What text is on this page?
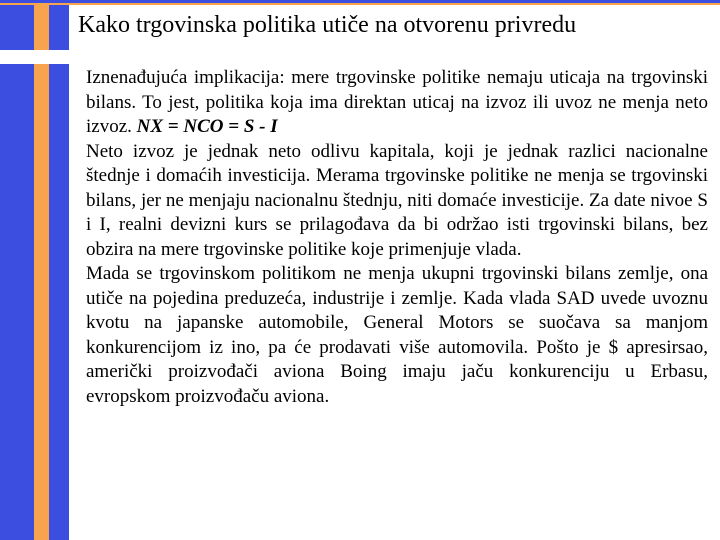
Kako trgovinska politika utiče na otvorenu privredu

Iznenađujuća implikacija: mere trgovinske politike nemaju uticaja na trgovinski bilans. To jest, politika koja ima direktan uticaj na izvoz ili uvoz ne menja neto izvoz. NX = NCO = S - I

Neto izvoz je jednak neto odlivu kapitala, koji je jednak razlici nacionalne štednje i domaćih investicija. Merama trgovinske politike ne menja se trgovinski bilans, jer ne menjaju nacionalnu štednju, niti domaće investicije. Za date nivoe S i I, realni devizni kurs se prilagođava da bi održao isti trgovinski bilans, bez obzira na mere trgovinske politike koje primenjuje vlada.

Mada se trgovinskom politikom ne menja ukupni trgovinski bilans zemlje, ona utiče na pojedina preduzeća, industrije i zemlje. Kada vlada SAD uvede uvoznu kvotu na japanske automobile, General Motors se suočava sa manjom konkurencijom iz ino, pa će prodavati više automovila. Pošto je $ apresirsao, američki proizvođači aviona Boing imaju jaču konkurenciju u Erbasu, evropskom proizvođaču aviona.
